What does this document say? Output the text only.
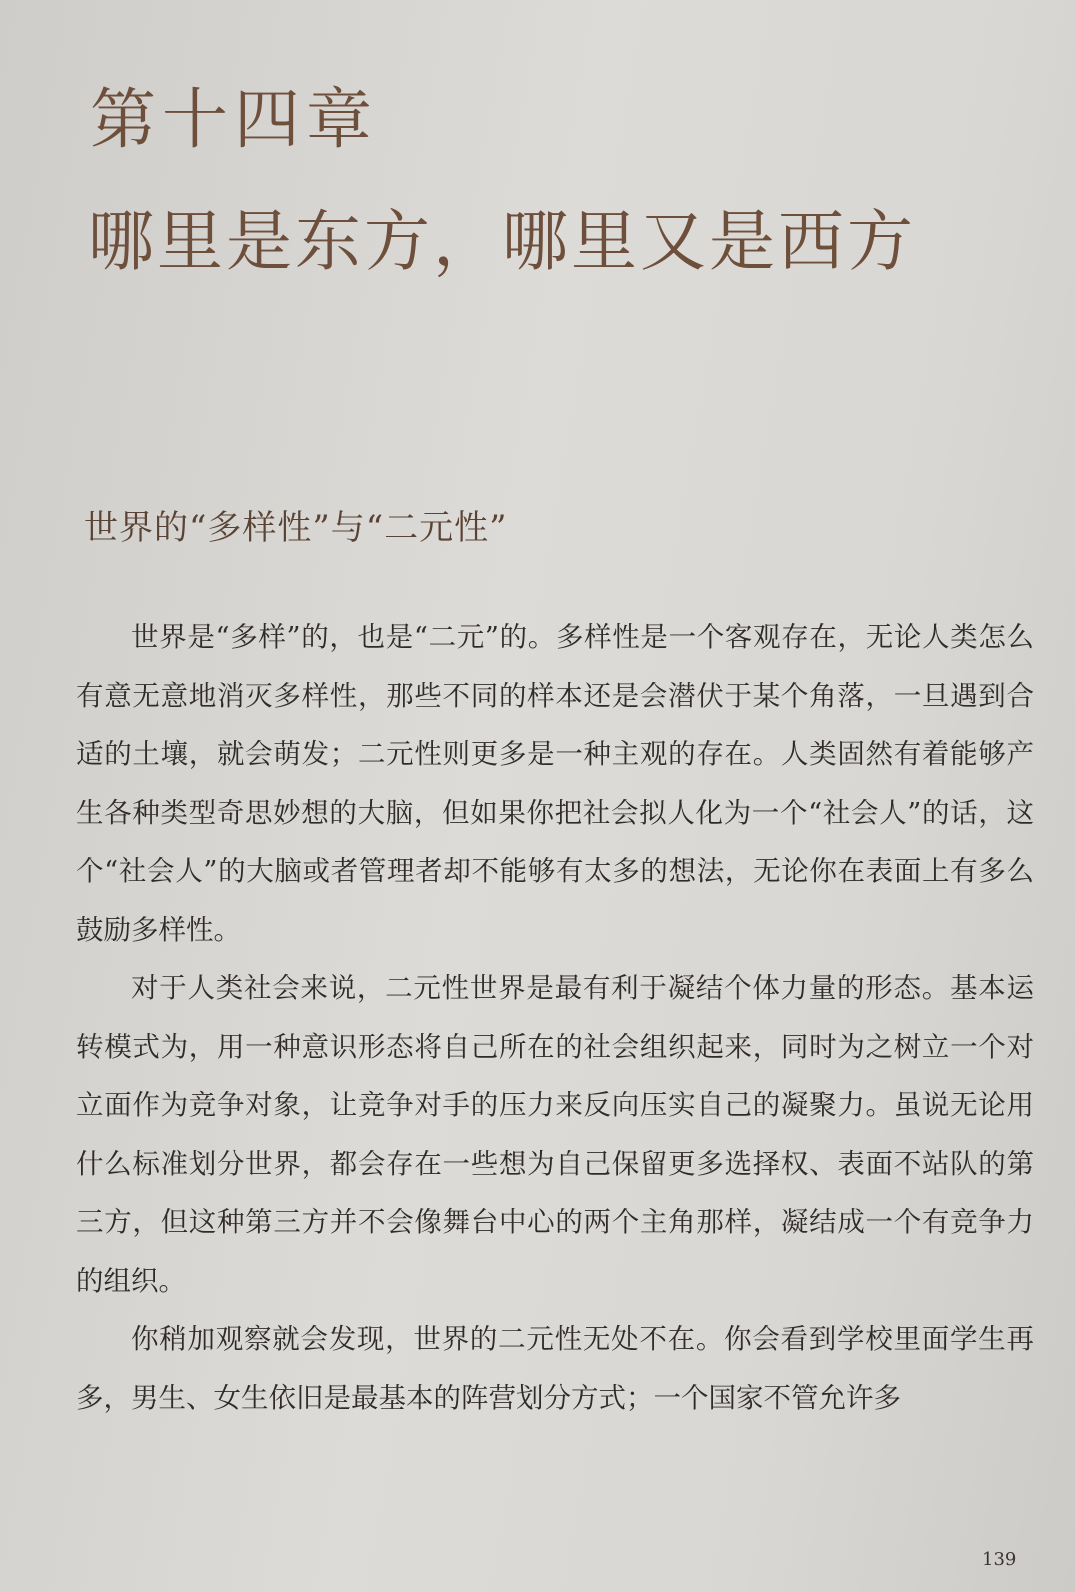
第十四章
哪里是东方，哪里又是西方
世界的“多样性”与“二元性”

世界是“多样”的，也是“二元”的。多样性是一个客观存在，无论人类怎么有意无意地消灭多样性，那些不同的样本还是会潜伏于某个角落，一旦遇到合适的土壤，就会萌发；二元性则更多是一种主观的存在。人类固然有着能够产生各种类型奇思妙想的大脑，但如果你把社会拟人化为一个“社会人”的话，这个“社会人”的大脑或者管理者却不能够有太多的想法，无论你在表面上有多么鼓励多样性。

对于人类社会来说，二元性世界是最有利于凝结个体力量的形态。基本运转模式为，用一种意识形态将自己所在的社会组织起来，同时为之树立一个对立面作为竞争对象，让竞争对手的压力来反向压实自己的凝聚力。虽说无论用什么标准划分世界，都会存在一些想为自己保留更多选择权、表面不站队的第三方，但这种第三方并不会像舞台中心的两个主角那样，凝结成一个有竞争力的组织。

你稍加观察就会发现，世界的二元性无处不在。你会看到学校里面学生再多，男生、女生依旧是最基本的阵营划分方式；一个国家不管允许多

139
